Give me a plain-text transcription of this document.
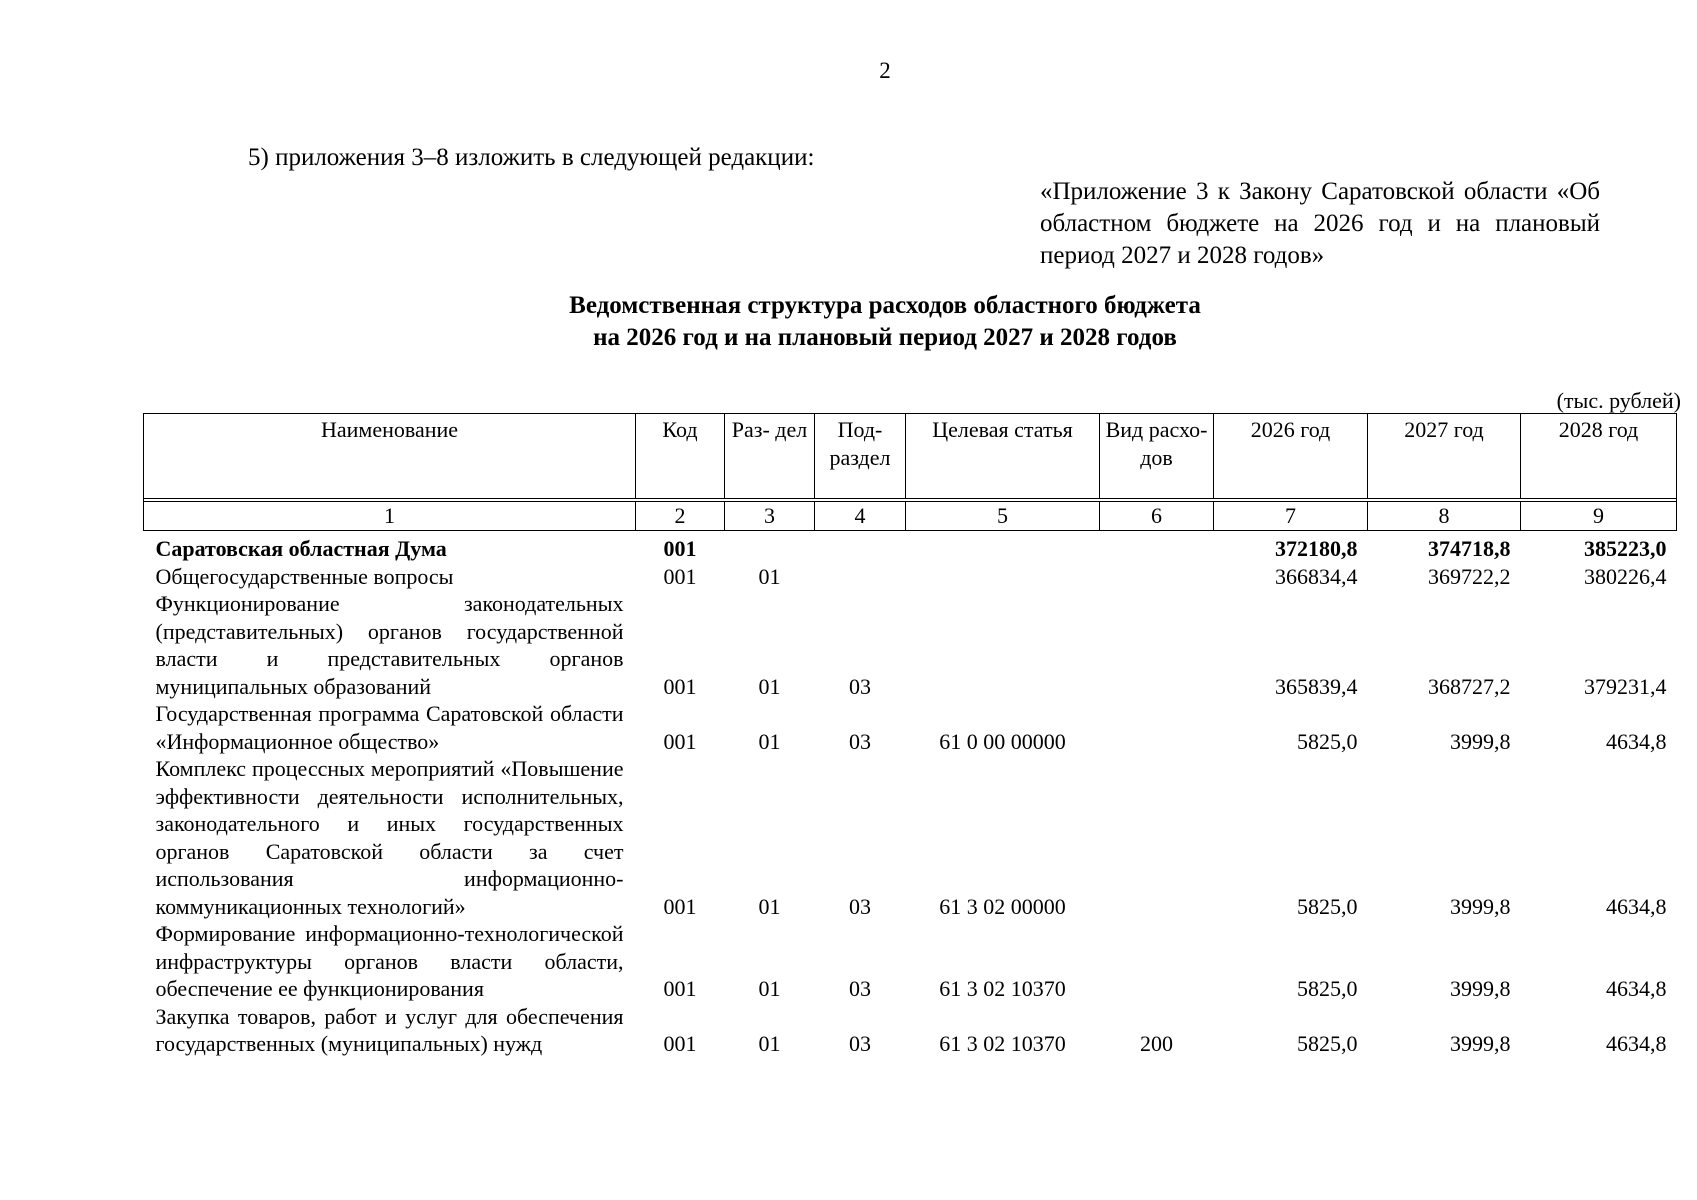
2
5) приложения 3–8 изложить в следующей редакции:
«Приложение 3 к Закону Саратовской области «Об областном бюджете на 2026 год и на плановый период 2027 и 2028 годов»
Ведомственная структура расходов областного бюджета
на 2026 год и на плановый период 2027 и 2028 годов
(тыс. рублей)
Наименование	Код	Раз- дел	Под- раздел	Целевая статья	Вид расхо- дов	2026 год	2027 год	2028 год

1	2	3	4	5	6	7	8	9
Саратовская областная Дума	001					372180,8	374718,8	385223,0
Общегосударственные вопросы	001	01				366834,4	369722,2	380226,4
Функционирование законодательных (представительных) органов государственной власти и представительных органов муниципальных образований	001	01	03			365839,4	368727,2	379231,4
Государственная программа Саратовской области «Информационное общество»	001	01	03	61 0 00 00000		5825,0	3999,8	4634,8
Комплекс процессных мероприятий «Повышение эффективности деятельности исполнительных, законодательного и иных государственных органов Саратовской области за счет использования информационно-коммуникационных технологий»	001	01	03	61 3 02 00000		5825,0	3999,8	4634,8
Формирование информационно-технологической инфраструктуры органов власти области, обеспечение ее функционирования	001	01	03	61 3 02 10370		5825,0	3999,8	4634,8
Закупка товаров, работ и услуг для обеспечения государственных (муниципальных) нужд	001	01	03	61 3 02 10370	200	5825,0	3999,8	4634,8
